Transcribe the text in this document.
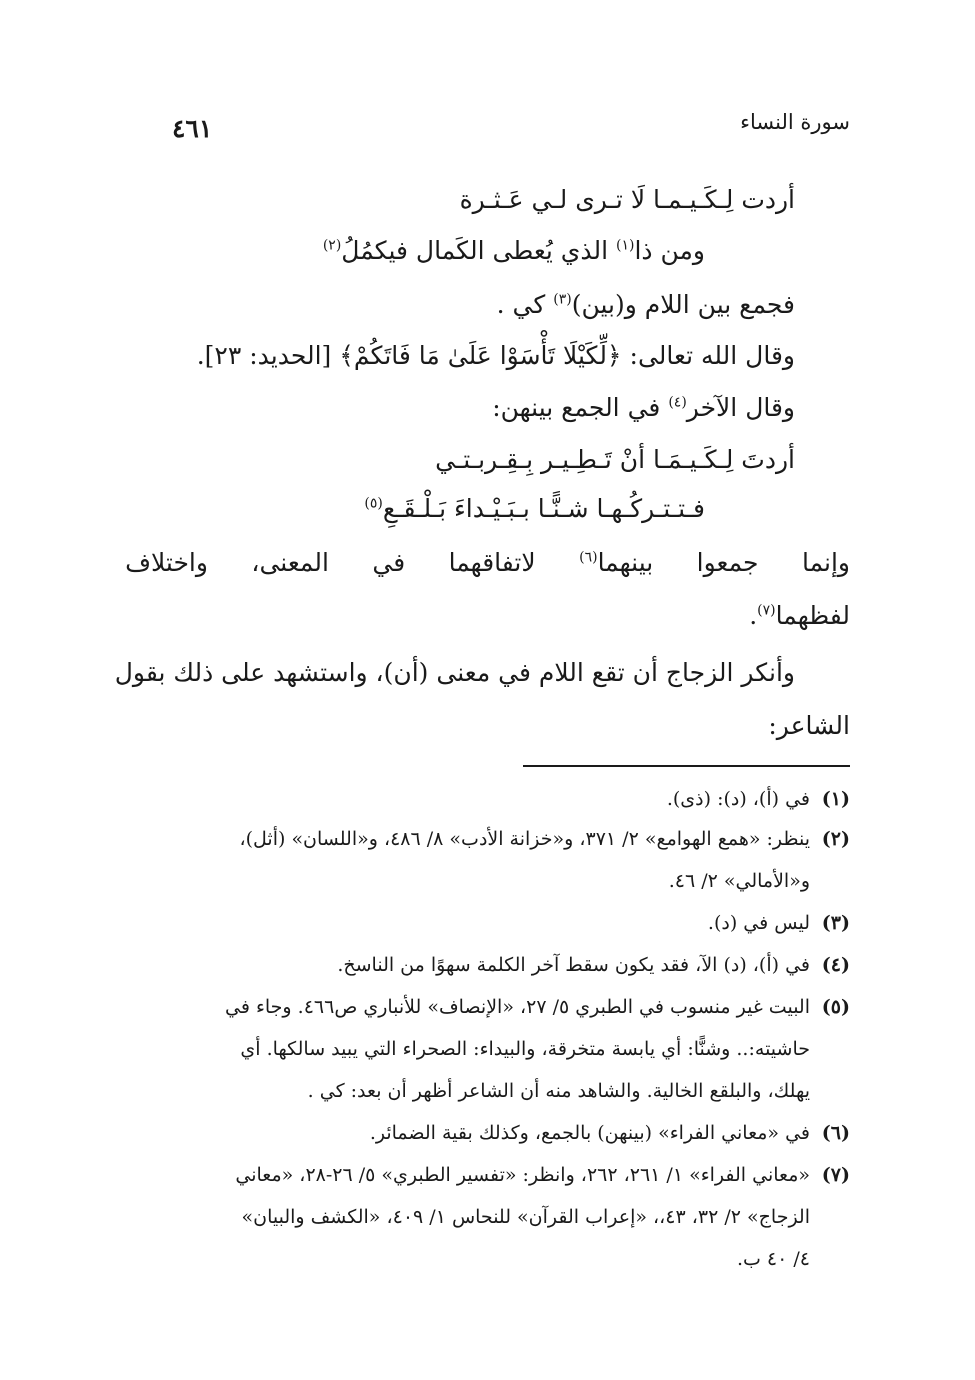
سورة النساء
٤٦١
أردت لِـكَـيـمـا لَا تـرى لـي عَـثـرة
ومن ذا$^{(١)}$ الذي يُعطى الكَمال فيكمُلُ$^{(٢)}$
فجمع بين اللام و(بين)$^{(٣)}$ كي .
وقال الله تعالى: ﴿لِّكَيْلَا تَأْسَوْا عَلَىٰ مَا فَاتَكُمْ﴾ [الحديد: ٢٣].
وقال الآخر$^{(٤)}$ في الجمع بينهن:
أردتَ لِـكَـيـمَـا أنْ تَـطِـيـر بِـقِـربـتـي
فـتـتـركُـهـا شـنًّـا بـبَـيْـداءَ بَـلْـقَـعِ$^{(٥)}$
وإنما
جمعوا
بينهما$^{(٦)}$
لاتفاقهما
في
المعنى،
واختلاف
لفظهما$^{(٧)}$.
وأنكر الزجاج أن تقع اللام في معنى (أن)، واستشهد على ذلك بقول
الشاعر:
(١)
في (أ)، (د): (ذى).
(٢)
ينظر: «همع الهوامع» ٢/ ٣٧١، و«خزانة الأدب» ٨/ ٤٨٦، و«اللسان» (أثل)،
و«الأمالي» ٢/ ٤٦.
(٣)
ليس في (د).
(٤)
في (أ)، (د) الآ، فقد يكون سقط آخر الكلمة سهوًا من الناسخ.
(٥)
البيت غير منسوب في الطبري ٥/ ٢٧، «الإنصاف» للأنباري ص٤٦٦. وجاء في
حاشيته:.. وشنًّا: أي يابسة متخرقة، والبيداء: الصحراء التي يبيد سالكها. أي
يهلك، والبلقع الخالية. والشاهد منه أن الشاعر أظهر أن بعد: كي .
(٦)
في «معاني الفراء» (بينهن) بالجمع، وكذلك بقية الضمائر.
(٧)
«معاني الفراء» ١/ ٢٦١، ٢٦٢، وانظر: «تفسير الطبري» ٥/ ٢٦-٢٨، «معاني
الزجاج» ٢/ ٣٢، ٤٣،، «إعراب القرآن» للنحاس ١/ ٤٠٩، «الكشف والبيان»
٤/ ٤٠ ب.
